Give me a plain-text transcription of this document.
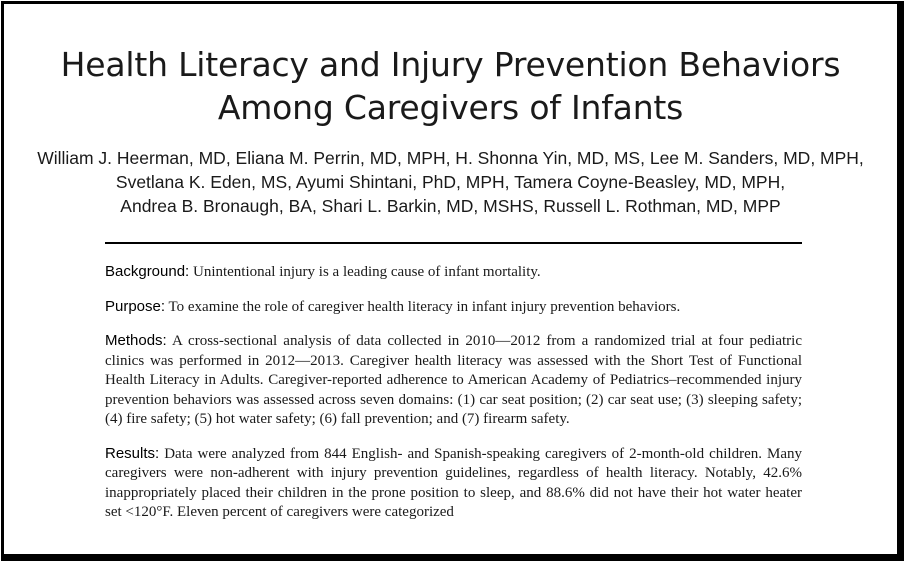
Health Literacy and Injury Prevention Behaviors
Among Caregivers of Infants
William J. Heerman, MD, Eliana M. Perrin, MD, MPH, H. Shonna Yin, MD, MS, Lee M. Sanders, MD, MPH,
Svetlana K. Eden, MS, Ayumi Shintani, PhD, MPH, Tamera Coyne-Beasley, MD, MPH,
Andrea B. Bronaugh, BA, Shari L. Barkin, MD, MSHS, Russell L. Rothman, MD, MPP

Background: Unintentional injury is a leading cause of infant mortality.

Purpose: To examine the role of caregiver health literacy in infant injury prevention behaviors.

Methods: A cross-sectional analysis of data collected in 2010—2012 from a randomized trial at four pediatric clinics was performed in 2012—2013. Caregiver health literacy was assessed with the Short Test of Functional Health Literacy in Adults. Caregiver-reported adherence to American Academy of Pediatrics–recommended injury prevention behaviors was assessed across seven domains: (1) car seat position; (2) car seat use; (3) sleeping safety; (4) fire safety; (5) hot water safety; (6) fall prevention; and (7) firearm safety.

Results: Data were analyzed from 844 English- and Spanish-speaking caregivers of 2-month-old children. Many caregivers were non-adherent with injury prevention guidelines, regardless of health literacy. Notably, 42.6% inappropriately placed their children in the prone position to sleep, and 88.6% did not have their hot water heater set <120°F. Eleven percent of caregivers were categorized
